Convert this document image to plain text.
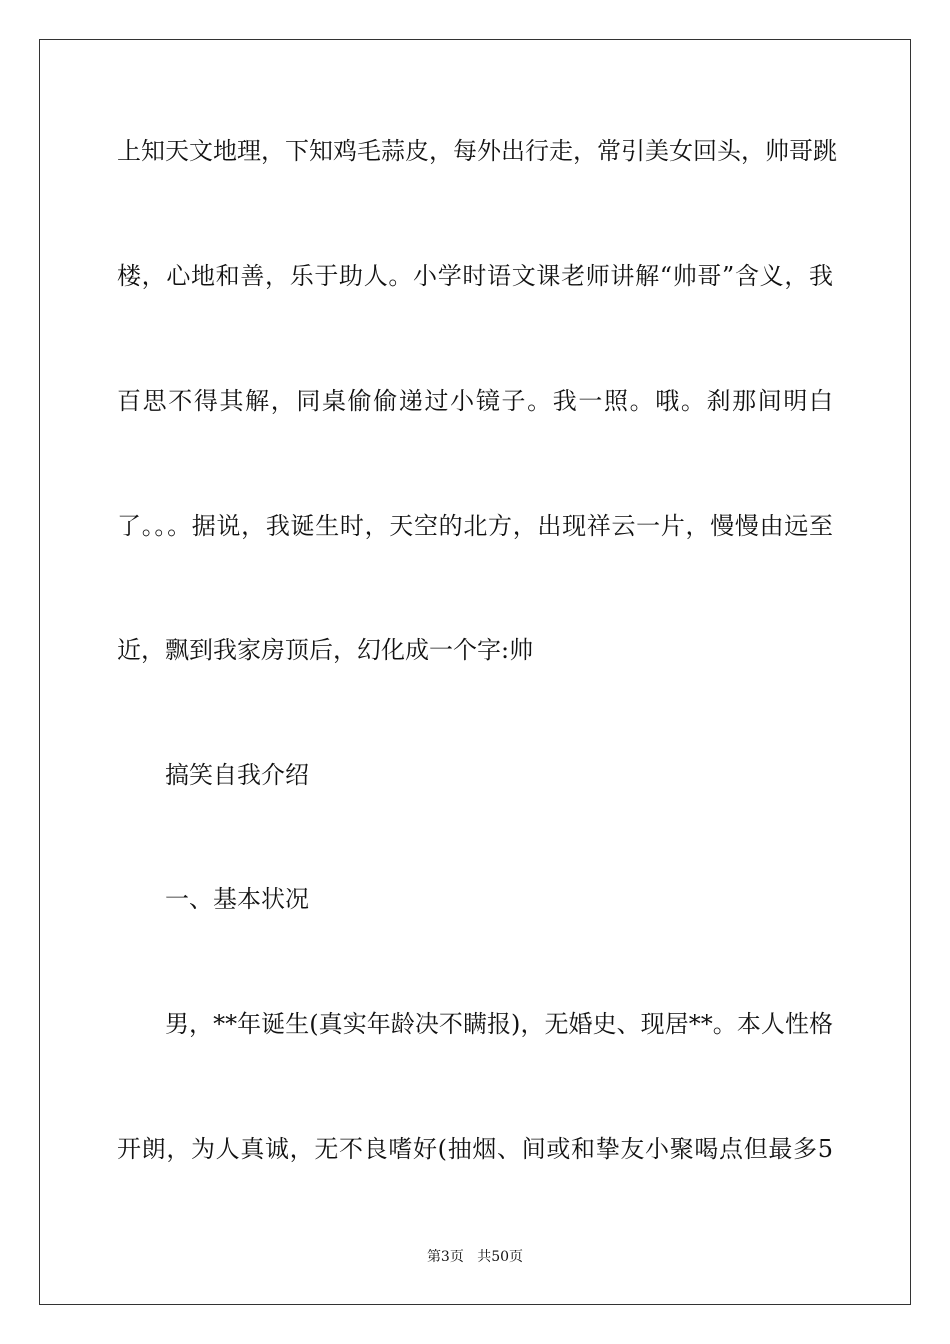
上知天文地理，下知鸡毛蒜皮，每外出行走，常引美女回头，帅哥跳
楼，心地和善，乐于助人。小学时语文课老师讲解“帅哥”含义，我
百思不得其解，同桌偷偷递过小镜子。我一照。哦。刹那间明白
了。。。据说，我诞生时，天空的北方，出现祥云一片，慢慢由远至
近，飘到我家房顶后，幻化成一个字:帅
搞笑自我介绍
一、基本状况
男，**年诞生(真实年龄决不瞒报)，无婚史、现居**。本人性格
开朗，为人真诚，无不良嗜好(抽烟、间或和挚友小聚喝点但最多5
第3页 共50页
